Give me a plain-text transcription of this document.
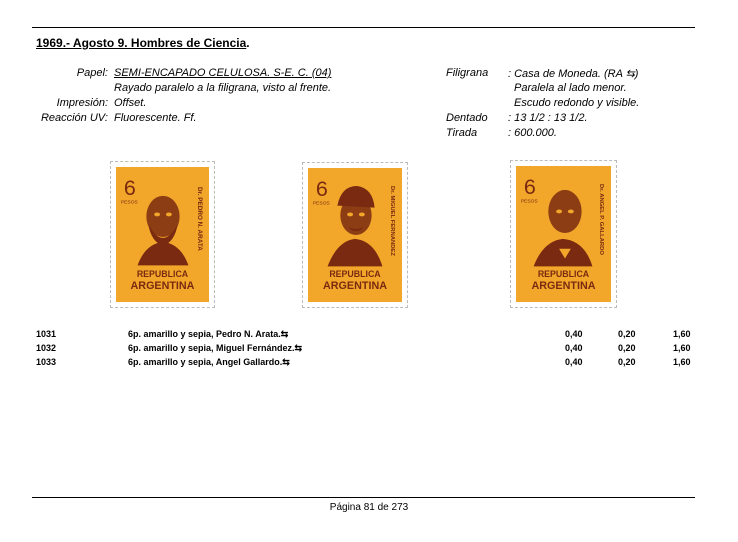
1969.- Agosto 9. Hombres de Ciencia.
Papel: SEMI-ENCAPADO CELULOSA. S-E. C. (04)
Rayado paralelo a la filigrana, visto al frente.
Impresión: Offset.
Reacción UV: Fluorescente. Ff.
Filigrana : Casa de Moneda. (RA ⇆)
Paralela al lado menor.
Escudo redondo y visible.
Dentado : 13 1/2 : 13 1/2.
Tirada	: 600.000.
6
PESOS	Dr. PEDRO N. ARATA
REPUBLICA
ARGENTINA
6
PESOS	Dr. MIGUEL FERNANDEZ
REPUBLICA
ARGENTINA
6
PESOS	Dr. ANGEL P. GALLARDO
REPUBLICA
ARGENTINA
1031	6p. amarillo y sepia, Pedro N. Arata.⇆	0,40	0,20	1,60
1032	6p. amarillo y sepia, Miguel Fernández.⇆	0,40	0,20	1,60
1033	6p. amarillo y sepia, Angel Gallardo.⇆	0,40	0,20	1,60
Página 81 de 273
